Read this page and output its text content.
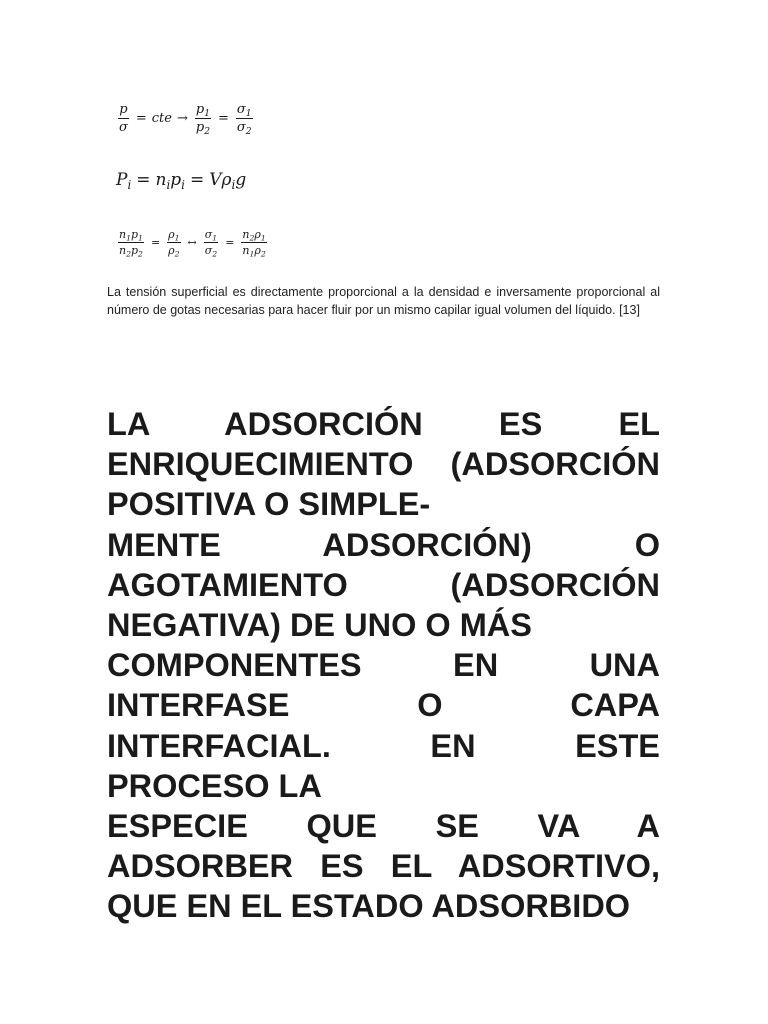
$\frac{p}{\sigma}$ = cte → $\frac{p_1}{p_2} = \frac{\sigma_1}{\sigma_2}$
$P_i = n_i$ $p_i = V$ $\rho_i$ g
$\frac{n_1p_1}{n_2p_2} = \frac{\rho_1}{\rho_2}$ ↔ $\frac{\sigma_1}{\sigma_2} = \frac{n_2\rho_1}{n_1\rho_2}$

La tensión superficial es directamente proporcional a la densidad e inversamente proporcional al número de gotas necesarias para hacer fluir por un mismo capilar igual volumen del líquido. [13]

LA ADSORCIÓN ES EL
ENRIQUECIMIENTO (ADSORCIÓN
POSITIVA O SIMPLE-
MENTE ADSORCIÓN) O
AGOTAMIENTO (ADSORCIÓN
NEGATIVA) DE UNO O MÁS
COMPONENTES EN UNA
INTERFASE O CAPA
INTERFACIAL. EN ESTE
PROCESO LA
ESPECIE QUE SE VA A
ADSORBER ES EL ADSORTIVO,
QUE EN EL ESTADO ADSORBIDO
